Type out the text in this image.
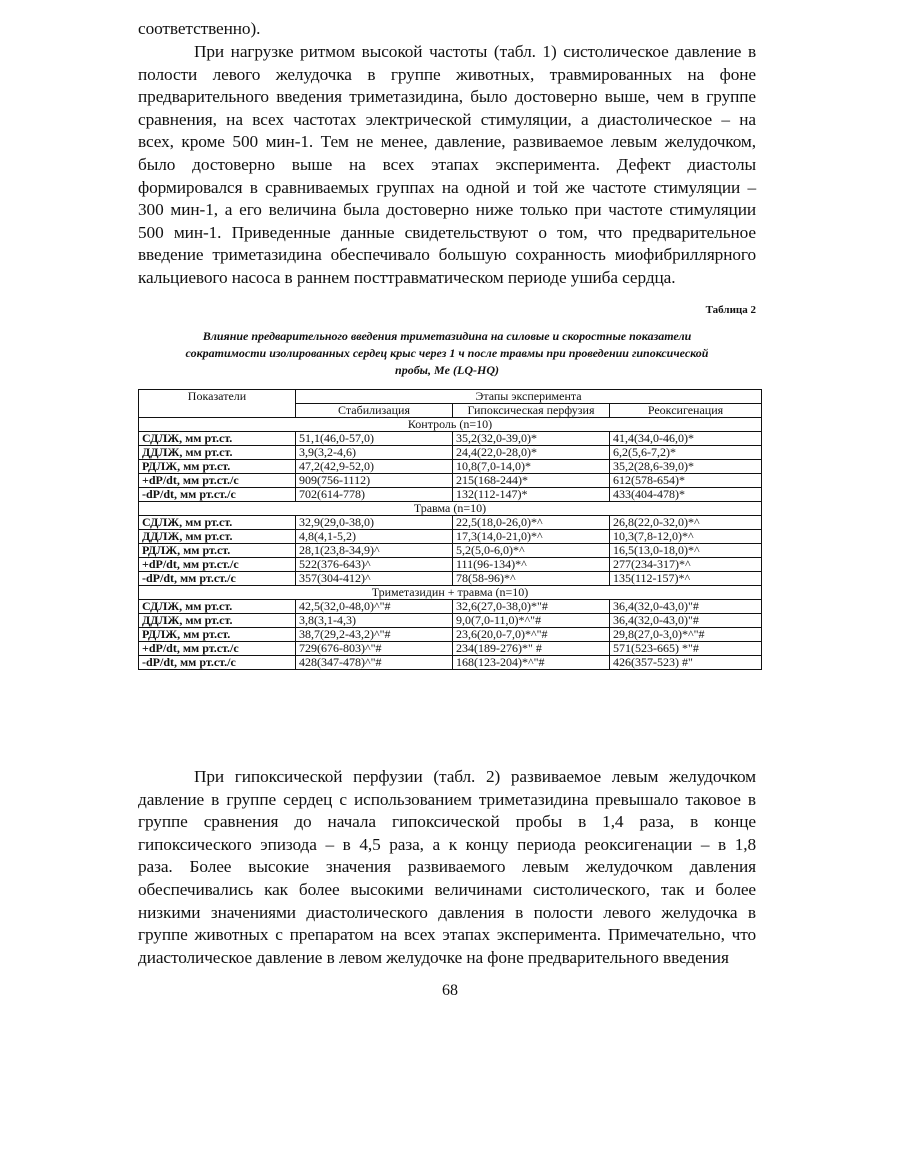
соответственно).
При нагрузке ритмом высокой частоты (табл. 1) систолическое давление в
полости левого желудочка в группе животных, травмированных на фоне
предварительного введения триметазидина, было достоверно выше, чем в группе
сравнения, на всех частотах электрической стимуляции, а диастолическое – на
всех, кроме 500 мин-1. Тем не менее, давление, развиваемое левым желудочком,
было достоверно выше на всех этапах эксперимента. Дефект диастолы
формировался в сравниваемых группах на одной и той же частоте стимуляции –
300 мин-1, а его величина была достоверно ниже только при частоте стимуляции
500 мин-1. Приведенные данные свидетельствуют о том, что предварительное
введение триметазидина обеспечивало большую сохранность миофибриллярного
кальциевого насоса в раннем посттравматическом периоде ушиба сердца.
Таблица 2
Влияние предварительного введения триметазидина на силовые и скоростные показатели
сократимости изолированных сердец крыс через 1 ч после травмы при проведении гипоксической
пробы, Me (LQ-HQ)
Показатели	Этапы эксперимента		
	Стабилизация	Гипоксическая перфузия	Реоксигенация
Контроль (n=10)			
СДЛЖ, мм рт.ст.	51,1(46,0-57,0)	35,2(32,0-39,0)*	41,4(34,0-46,0)*
ДДЛЖ, мм рт.ст.	3,9(3,2-4,6)	24,4(22,0-28,0)*	6,2(5,6-7,2)*
РДЛЖ, мм рт.ст.	47,2(42,9-52,0)	10,8(7,0-14,0)*	35,2(28,6-39,0)*
+dP/dt, мм рт.ст./с	909(756-1112)	215(168-244)*	612(578-654)*
-dP/dt, мм рт.ст./с	702(614-778)	132(112-147)*	433(404-478)*
Травма (n=10)			
СДЛЖ, мм рт.ст.	32,9(29,0-38,0)	22,5(18,0-26,0)*^	26,8(22,0-32,0)*^
ДДЛЖ, мм рт.ст.	4,8(4,1-5,2)	17,3(14,0-21,0)*^	10,3(7,8-12,0)*^
РДЛЖ, мм рт.ст.	28,1(23,8-34,9)^	5,2(5,0-6,0)*^	16,5(13,0-18,0)*^
+dP/dt, мм рт.ст./с	522(376-643)^	111(96-134)*^	277(234-317)*^
-dP/dt, мм рт.ст./с	357(304-412)^	78(58-96)*^	135(112-157)*^
Триметазидин + травма (n=10)			
СДЛЖ, мм рт.ст.	42,5(32,0-48,0)^"#	32,6(27,0-38,0)*"#	36,4(32,0-43,0)"#
ДДЛЖ, мм рт.ст.	3,8(3,1-4,3)	9,0(7,0-11,0)*^"#	36,4(32,0-43,0)"#
РДЛЖ, мм рт.ст.	38,7(29,2-43,2)^"#	23,6(20,0-7,0)*^"#	29,8(27,0-3,0)*^"#
+dP/dt, мм рт.ст./с	729(676-803)^"#	234(189-276)*" #	571(523-665) *"#
-dP/dt, мм рт.ст./с	428(347-478)^"#	168(123-204)*^"#	426(357-523) #"
При гипоксической перфузии (табл. 2) развиваемое левым желудочком
давление в группе сердец с использованием триметазидина превышало таковое в
группе сравнения до начала гипоксической пробы в 1,4 раза, в конце
гипоксического эпизода – в 4,5 раза, а к концу периода реоксигенации – в 1,8
раза. Более высокие значения развиваемого левым желудочком давления
обеспечивались как более высокими величинами систолического, так и более
низкими значениями диастолического давления в полости левого желудочка в
группе животных с препаратом на всех этапах эксперимента. Примечательно, что
диастолическое давление в левом желудочке на фоне предварительного введения
68
